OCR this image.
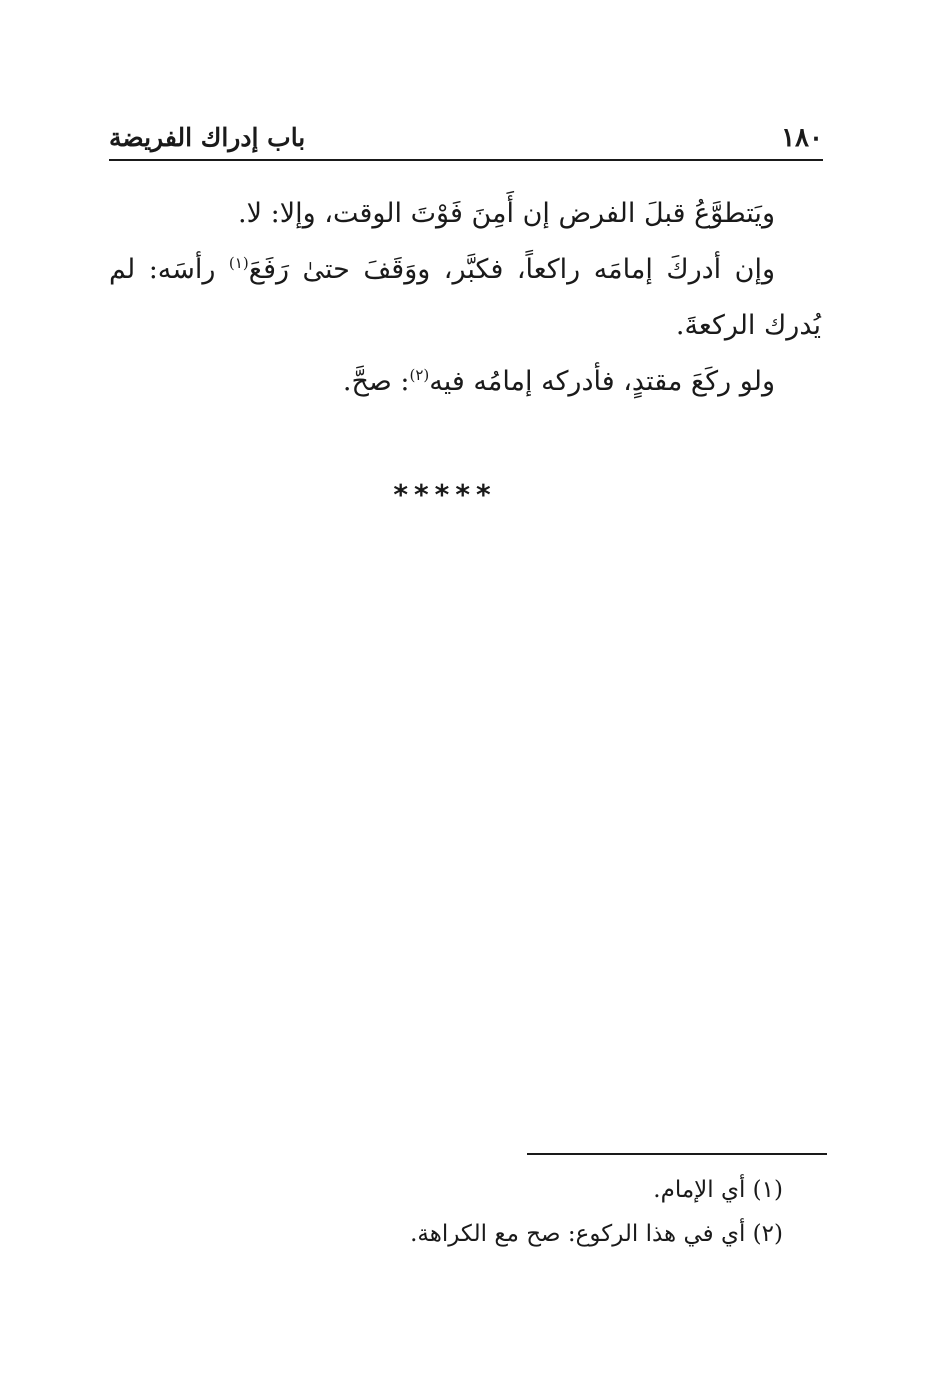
١٨٠
باب إدراك الفريضة

ويَتطوَّعُ قبلَ الفرض إن أَمِنَ فَوْتَ الوقت، وإلا: لا.

وإن أدركَ إمامَه راكعاً، فكبَّر، ووَقَفَ حتىٰ رَفَعَ$^{(١)}$ رأسَه: لم يُدرك الركعةَ.

ولو ركَعَ مقتدٍ، فأدركه إمامُه فيه$^{(٢)}$: صحَّ.

*****

(١) أي الإمام.

(٢) أي في هذا الركوع: صح مع الكراهة.
